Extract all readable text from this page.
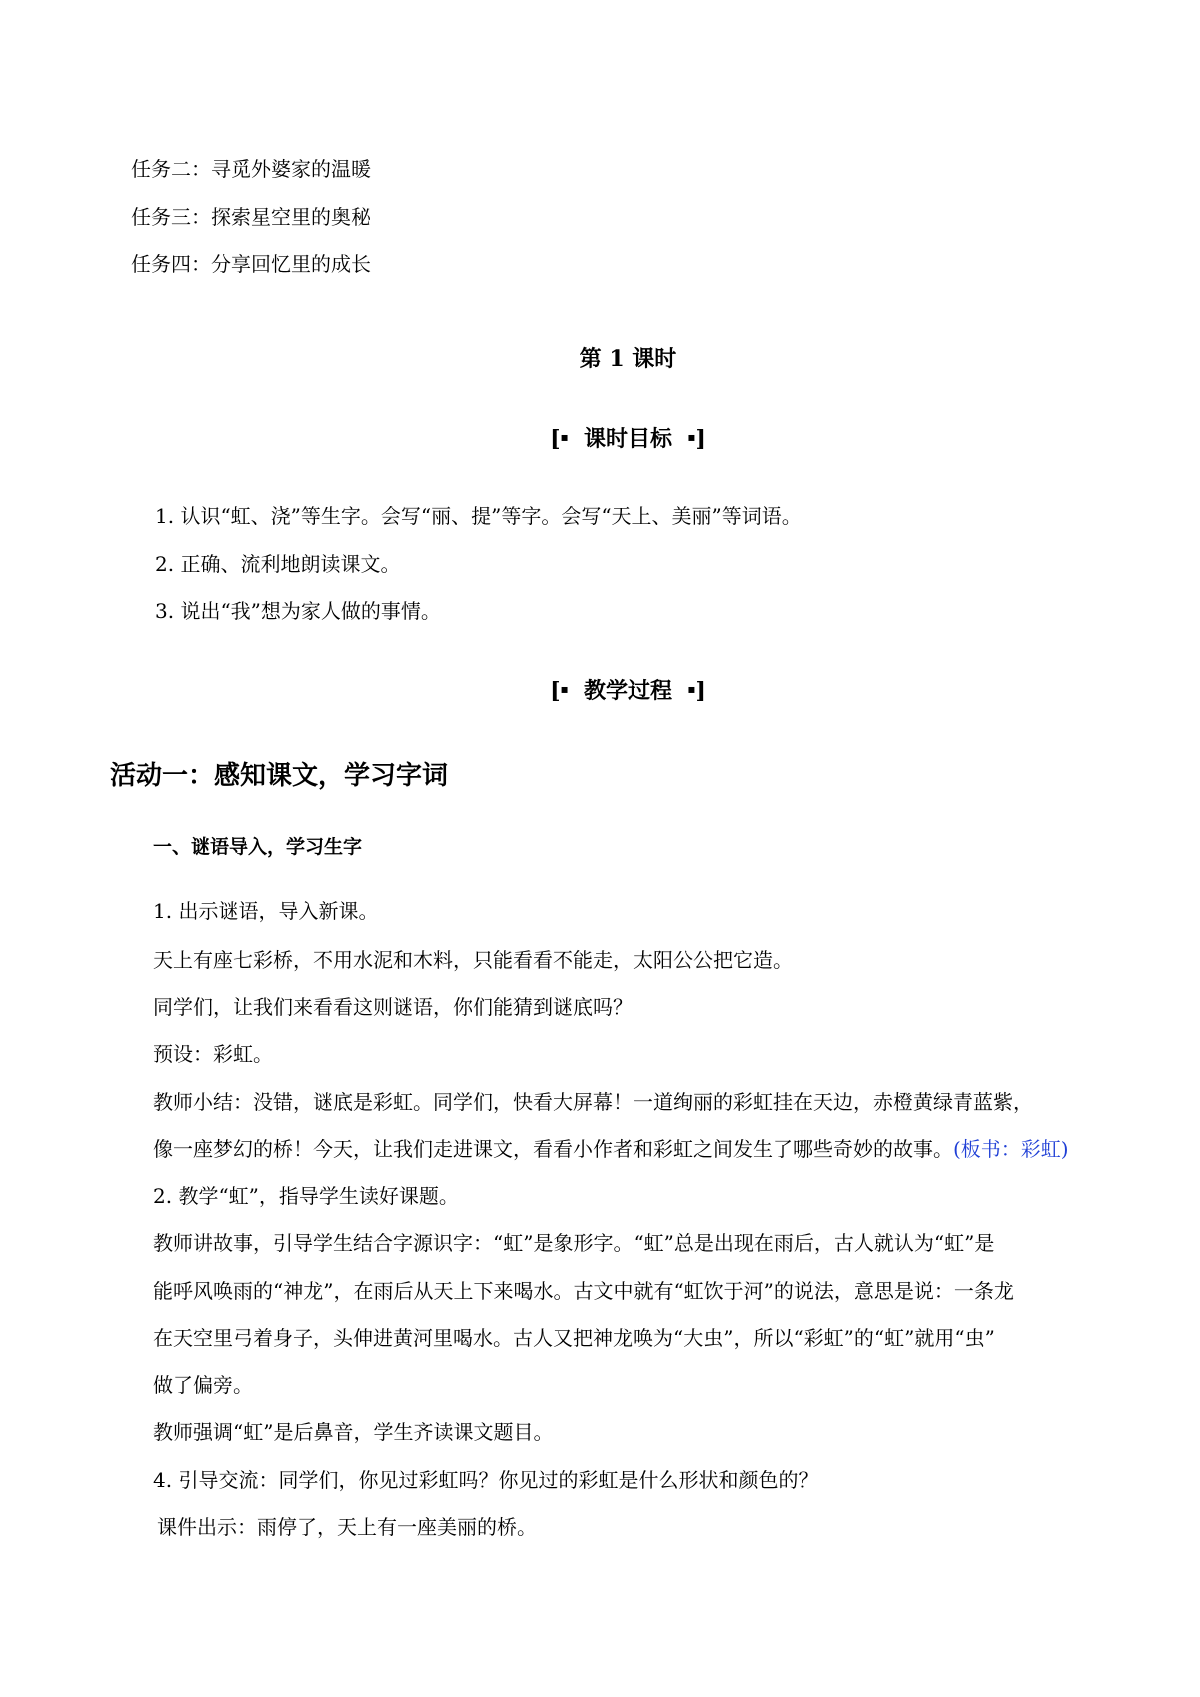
任务二：寻觅外婆家的温暖

任务三：探索星空里的奥秘

任务四：分享回忆里的成长

第 1 课时

[▪ 课时目标 ▪]

1. 认识“虹、浇”等生字。会写“丽、提”等字。会写“天上、美丽”等词语。

2. 正确、流利地朗读课文。

3. 说出“我”想为家人做的事情。

[▪ 教学过程 ▪]

活动一：感知课文，学习字词

一、谜语导入，学习生字

1. 出示谜语，导入新课。

天上有座七彩桥，不用水泥和木料，只能看看不能走，太阳公公把它造。

同学们，让我们来看看这则谜语，你们能猜到谜底吗？

预设：彩虹。

教师小结：没错，谜底是彩虹。同学们，快看大屏幕！一道绚丽的彩虹挂在天边，赤橙黄绿青蓝紫，

像一座梦幻的桥！今天，让我们走进课文，看看小作者和彩虹之间发生了哪些奇妙的故事。(板书：彩虹)

2. 教学“虹”，指导学生读好课题。

教师讲故事，引导学生结合字源识字：“虹”是象形字。“虹”总是出现在雨后，古人就认为“虹”是

能呼风唤雨的“神龙”，在雨后从天上下来喝水。古文中就有“虹饮于河”的说法，意思是说：一条龙

在天空里弓着身子，头伸进黄河里喝水。古人又把神龙唤为“大虫”，所以“彩虹”的“虹”就用“虫”

做了偏旁。

教师强调“虹”是后鼻音，学生齐读课文题目。

4. 引导交流：同学们，你见过彩虹吗？你见过的彩虹是什么形状和颜色的？

课件出示：雨停了，天上有一座美丽的桥。
